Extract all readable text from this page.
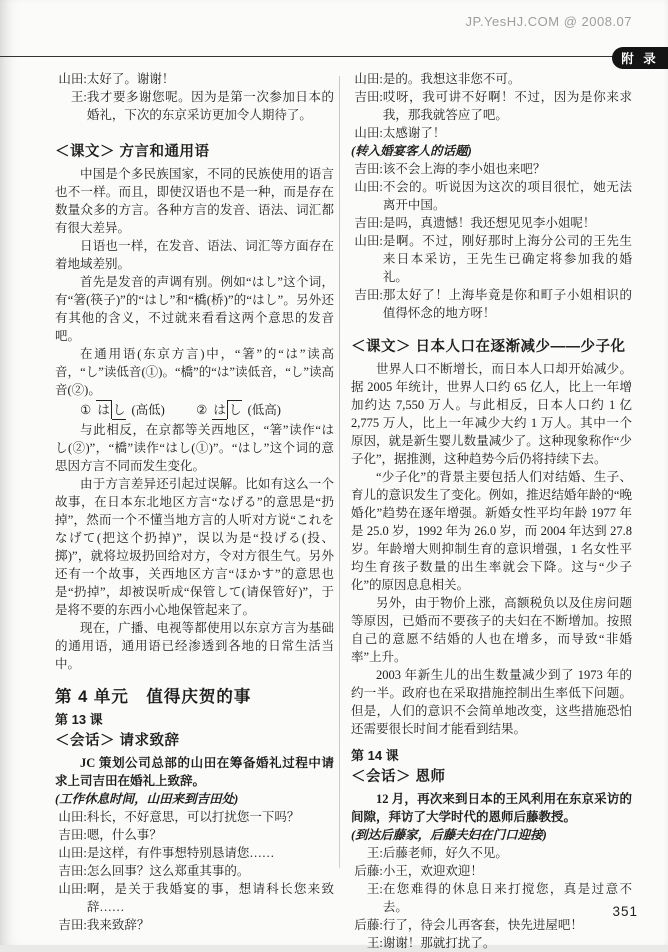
JP.YesHJ.COM @ 2008.07
附 录
山田: 太好了。谢谢！
王: 我才要多谢您呢。因为是第一次参加日本的婚礼，下次的东京采访更加令人期待了。
＜课文＞ 方言和通用语

中国是个多民族国家，不同的民族使用的语言也不一样。而且，即使汉语也不是一种，而是存在数量众多的方言。各种方言的发音、语法、词汇都有很大差异。

日语也一样，在发音、语法、词汇等方面存在着地域差别。

首先是发音的声调有别。例如“はし”这个词，有“箸(筷子)”的“はし”和“橋(桥)”的“はし”。另外还有其他的含义，不过就来看看这两个意思的发音吧。

在通用语(东京方言)中，“箸”的“は”读高音，“し”读低音(①)。“橋”的“は”读低音，“し”读高音(②)。

① は し (高低)	② は し (低高)

与此相反，在京都等关西地区，“箸”读作“はし(②)”，“橋”读作“はし(①)”。“はし”这个词的意思因方言不同而发生变化。

由于方言差异还引起过误解。比如有这么一个故事，在日本东北地区方言“なげる”的意思是“扔掉”，然而一个不懂当地方言的人听对方说“これをなげて(把这个扔掉)”，误以为是“投げる(投、掷)”，就将垃圾扔回给对方，令对方很生气。另外还有一个故事，关西地区方言“ほかす”的意思也是“扔掉”，却被误听成“保管して(请保管好)”，于是将不要的东西小心地保管起来了。

现在，广播、电视等都使用以东京方言为基础的通用语，通用语已经渗透到各地的日常生活当中。

第 4 单元　值得庆贺的事
第 13 课
＜会话＞ 请求致辞

JC 策划公司总部的山田在筹备婚礼过程中请求上司吉田在婚礼上致辞。

(工作休息时间，山田来到吉田处)
山田: 科长，不好意思，可以打扰您一下吗？
吉田: 嗯，什么事？
山田: 是这样，有件事想特别恳请您……
吉田: 怎么回事？这么郑重其事的。
山田: 啊，是关于我婚宴的事，想请科长您来致辞……
吉田: 我来致辞？
山田: 是的。我想这非您不可。
吉田: 哎呀，我可讲不好啊！不过，因为是你来求我，那我就答应了吧。
山田: 太感谢了！
(转入婚宴客人的话题)
吉田: 该不会上海的李小姐也来吧？
山田: 不会的。听说因为这次的项目很忙，她无法离开中国。
吉田: 是吗，真遗憾！我还想见见李小姐呢！
山田: 是啊。不过，刚好那时上海分公司的王先生来日本采访，王先生已确定将参加我的婚礼。
吉田: 那太好了！上海毕竟是你和町子小姐相识的值得怀念的地方呀！
＜课文＞ 日本人口在逐渐减少——少子化

世界人口不断增长，而日本人口却开始减少。据 2005 年统计，世界人口约 65 亿人，比上一年增加约达 7,550 万人。与此相反，日本人口约 1 亿 2,775 万人，比上一年减少大约 1 万人。其中一个原因，就是新生婴儿数量减少了。这种现象称作“少子化”，据推测，这种趋势今后仍将持续下去。

“少子化”的背景主要包括人们对结婚、生子、育儿的意识发生了变化。例如，推迟结婚年龄的“晚婚化”趋势在逐年增强。新婚女性平均年龄 1977 年是 25.0 岁，1992 年为 26.0 岁，而 2004 年达到 27.8 岁。年龄增大则抑制生育的意识增强，1 名女性平均生育孩子数量的出生率就会下降。这与“少子化”的原因息息相关。

另外，由于物价上涨，高额税负以及住房问题等原因，已婚而不要孩子的夫妇在不断增加。按照自己的意愿不结婚的人也在增多，而导致“非婚率”上升。

2003 年新生儿的出生数量减少到了 1973 年的约一半。政府也在采取措施控制出生率低下问题。但是，人们的意识不会简单地改变，这些措施恐怕还需要很长时间才能看到结果。

第 14 课
＜会话＞ 恩师

12 月，再次来到日本的王风利用在东京采访的间隙，拜访了大学时代的恩师后藤教授。

(到达后藤家，后藤夫妇在门口迎接)
王: 后藤老师，好久不见。
后藤: 小王，欢迎欢迎！
王: 在您难得的休息日来打搅您，真是过意不去。
后藤: 行了，待会儿再客套，快先进屋吧！
王: 谢谢！那就打扰了。
351
